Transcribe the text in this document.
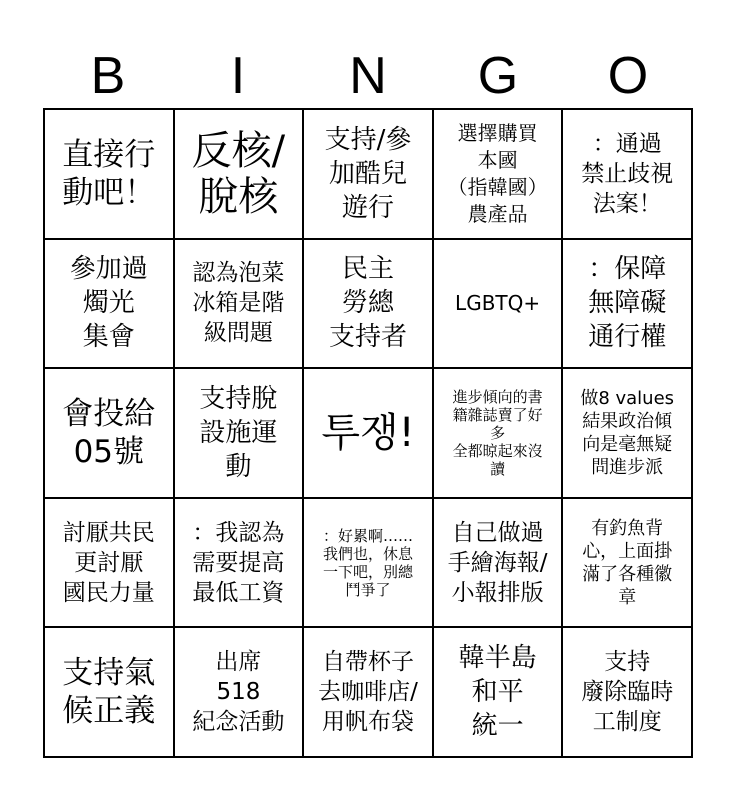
B	I	N	G	O
直接行
動吧！
反核/
脫核
支持/參
加酷兒
遊行
選擇購買
本國
（指韓國）
農產品
：通過
禁止歧視
法案！
參加過
燭光
集會
認為泡菜
冰箱是階
級問題
民主
勞總
支持者
LGBTQ+
：保障
無障礙
通行權
會投給
05號
支持脫
設施運
動
투쟁!
進步傾向的書
籍雜誌賣了好
多
全都晾起來沒
讀
做8 values
結果政治傾
向是毫無疑
問進步派
討厭共民
更討厭
國民力量
：我認為
需要提高
最低工資
：好累啊……
我們也，休息
一下吧，別總
鬥爭了
自己做過
手繪海報/
小報排版
有釣魚背
心，上面掛
滿了各種徽
章
支持氣
候正義
出席
518
紀念活動
自帶杯子
去咖啡店/
用帆布袋
韓半島
和平
統一
支持
廢除臨時
工制度
